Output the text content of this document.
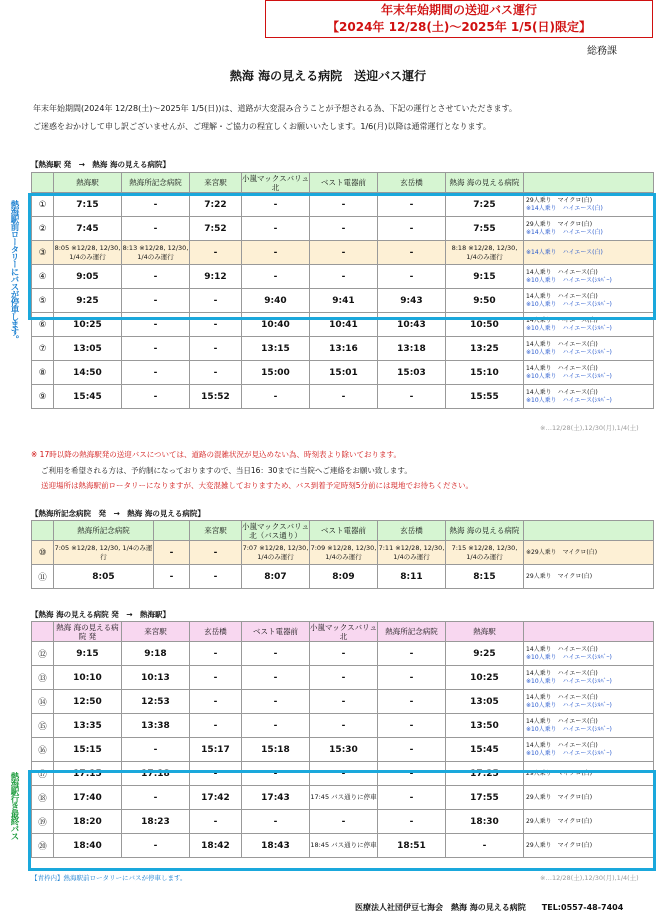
年末年始期間の送迎バス運行
【2024年 12/28(土)～2025年 1/5(日)限定】
総務課
熱海 海の見える病院　送迎バス運行
年末年始期間(2024年 12/28(土)～2025年 1/5(日))は、道路が大変混み合うことが予想される為、下記の運行とさせていただきます。
ご迷惑をおかけして申し訳ございませんが、ご理解・ご協力の程宜しくお願いいたします。1/6(月)以降は通常運行となります。
【熱海駅 発　→　熱海 海の見える病院】
	熱海駅	熱海所記念病院	来宮駅	小嵐マックスバリュ北	ベスト電器前	玄岳橋	熱海 海の見える病院	
①	7:15	-	7:22	-	-	-	7:25	29人乗り　マイクロ(白)
※14人乗り　ハイエース(白)

②	7:45	-	7:52	-	-	-	7:55	29人乗り　マイクロ(白)
※14人乗り　ハイエース(白)

③	8:05 ※12/28, 12/30, 1/4のみ運行	8:13 ※12/28, 12/30, 1/4のみ運行	-	-	-	-	8:18 ※12/28, 12/30, 1/4のみ運行	※14人乗り　ハイエース(白)

④	9:05	-	9:12	-	-	-	9:15	14人乗り　ハイエース(白)
※10人乗り　ハイエース(ｼﾙﾊﾞｰ)

⑤	9:25	-	-	9:40	9:41	9:43	9:50	14人乗り　ハイエース(白)
※10人乗り　ハイエース(ｼﾙﾊﾞｰ)

⑥	10:25	-	-	10:40	10:41	10:43	10:50	14人乗り　ハイエース(白)
※10人乗り　ハイエース(ｼﾙﾊﾞｰ)

⑦	13:05	-	-	13:15	13:16	13:18	13:25	14人乗り　ハイエース(白)
※10人乗り　ハイエース(ｼﾙﾊﾞｰ)

⑧	14:50	-	-	15:00	15:01	15:03	15:10	14人乗り　ハイエース(白)
※10人乗り　ハイエース(ｼﾙﾊﾞｰ)

⑨	15:45	-	15:52	-	-	-	15:55	14人乗り　ハイエース(白)
※10人乗り　ハイエース(ｼﾙﾊﾞｰ)
熱海駅前ロータリーにバスが停車します。
※…12/28(土),12/30(月),1/4(土)
※ 17時以降の熱海駅発の送迎バスについては、道路の混雑状況が見込めない為、時刻表より除いております。
ご利用を希望される方は、予約制になっておりますので、当日16：30までに当院へご連絡をお願い致します。
送迎場所は熱海駅前ロータリーになりますが、大変混雑しておりますため、バス到着予定時刻5分前には現地でお待ちください。
【熱海所記念病院　発　→　熱海 海の見える病院】
	熱海所記念病院		来宮駅	小嵐マックスバリュ北（バス通り）	ベスト電器前	玄岳橋	熱海 海の見える病院	
⑩	7:05 ※12/28, 12/30, 1/4のみ運行	-	-	7:07 ※12/28, 12/30, 1/4のみ運行	7:09 ※12/28, 12/30, 1/4のみ運行	7:11 ※12/28, 12/30, 1/4のみ運行	7:15 ※12/28, 12/30, 1/4のみ運行	※29人乗り　マイクロ(白)

⑪	8:05	-	-	8:07	8:09	8:11	8:15	29人乗り　マイクロ(白)
【熱海 海の見える病院 発　→　熱海駅】
	熱海 海の見える病院 発	来宮駅	玄岳橋	ベスト電器前	小嵐マックスバリュ北	熱海所記念病院	熱海駅	
⑫	9:15	9:18	-	-	-	-	9:25	14人乗り　ハイエース(白)
※10人乗り　ハイエース(ｼﾙﾊﾞｰ)

⑬	10:10	10:13	-	-	-	-	10:25	14人乗り　ハイエース(白)
※10人乗り　ハイエース(ｼﾙﾊﾞｰ)

⑭	12:50	12:53	-	-	-	-	13:05	14人乗り　ハイエース(白)
※10人乗り　ハイエース(ｼﾙﾊﾞｰ)

⑮	13:35	13:38	-	-	-	-	13:50	14人乗り　ハイエース(白)
※10人乗り　ハイエース(ｼﾙﾊﾞｰ)

⑯	15:15	-	15:17	15:18	15:30	-	15:45	14人乗り　ハイエース(白)
※10人乗り　ハイエース(ｼﾙﾊﾞｰ)

⑰	17:15	17:18	-	-	-	-	17:25	29人乗り　マイクロ(白)

⑱	17:40	-	17:42	17:43	17:45 バス通りに停車	-	17:55	29人乗り　マイクロ(白)

⑲	18:20	18:23	-	-	-	-	18:30	29人乗り　マイクロ(白)

⑳	18:40	-	18:42	18:43	18:45 バス通りに停車	18:51	-	29人乗り　マイクロ(白)
熱海駅行き最終バス
【青枠内】熱海駅前ロータリーにバスが停車します。	※…12/28(土),12/30(月),1/4(土)
医療法人社団伊豆七海会　熱海 海の見える病院　　TEL:0557-48-7404
